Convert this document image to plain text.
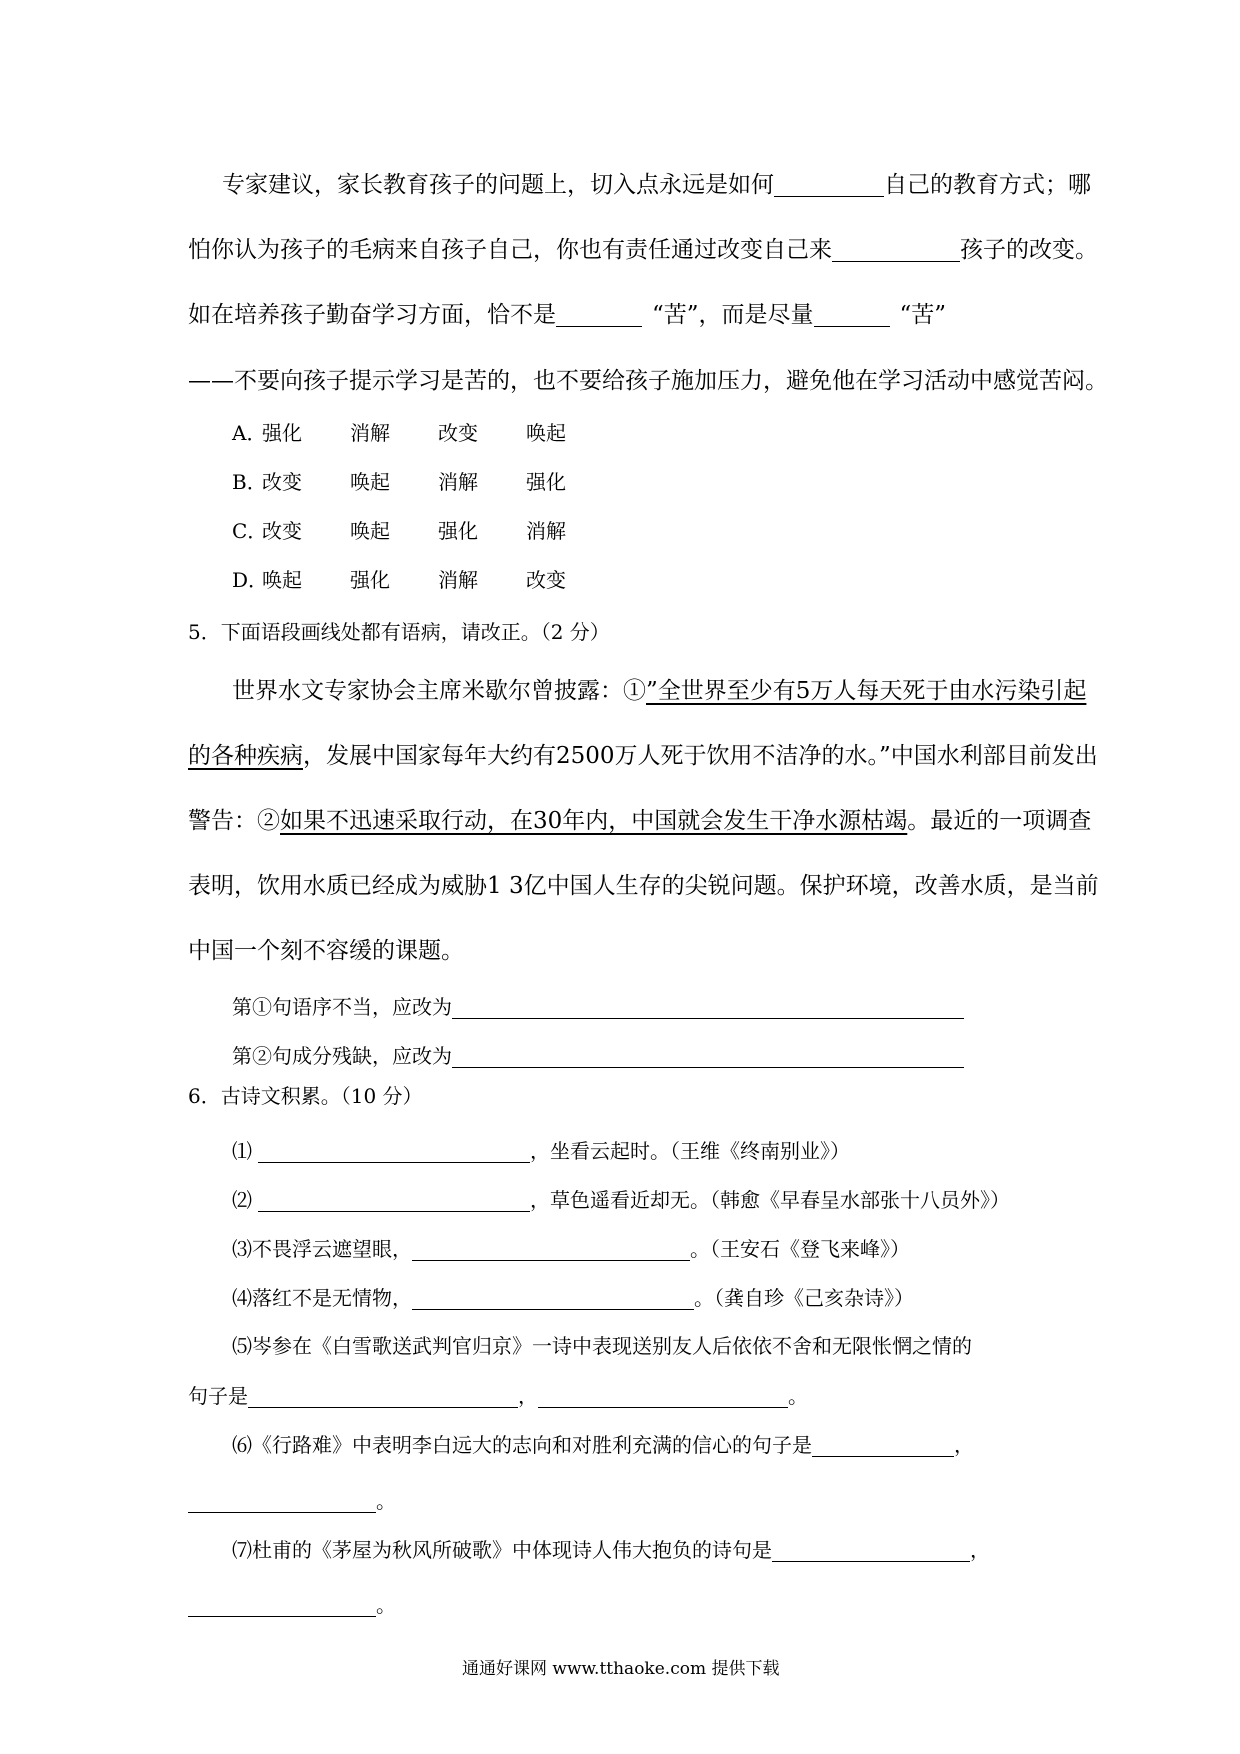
专家建议，家长教育孩子的问题上，切入点永远是如何	自己的教育方式；哪
怕你认为孩子的毛病来自孩子自己，你也有责任通过改变自己来	孩子的改变。
如在培养孩子勤奋学习方面，恰不是	“苦”，而是尽量	“苦”
——不要向孩子提示学习是苦的，也不要给孩子施加压力，避免他在学习活动中感觉苦闷。
A．强化 消解 改变 唤起
B．改变 唤起 消解 强化
C．改变 唤起 强化 消解
D．唤起 强化 消解 改变
5．下面语段画线处都有语病，请改正。（2 分）
世界水文专家协会主席米歇尔曾披露：①”全世界至少有5万人每天死于由水污染引起
的各种疾病，发展中国家每年大约有2500万人死于饮用不洁净的水。”中国水利部目前发出
警告：②如果不迅速采取行动，在30年内，中国就会发生干净水源枯竭。最近的一项调查
表明，饮用水质已经成为威胁1 3亿中国人生存的尖锐问题。保护环境，改善水质，是当前
中国一个刻不容缓的课题。
第①句语序不当，应改为
第②句成分残缺，应改为
6．古诗文积累。（10 分）
⑴	，坐看云起时。（王维《终南别业》）
⑵	，草色遥看近却无。（韩愈《早春呈水部张十八员外》）
⑶不畏浮云遮望眼，	。（王安石《登飞来峰》）
⑷落红不是无情物，	。（龚自珍《己亥杂诗》）
⑸岑参在《白雪歌送武判官归京》一诗中表现送别友人后依依不舍和无限怅惘之情的
句子是	，	。
⑹《行路难》中表明李白远大的志向和对胜利充满的信心的句子是	，
。
⑺杜甫的《茅屋为秋风所破歌》中体现诗人伟大抱负的诗句是	，
。
通通好课网 www.tthaoke.com 提供下载
